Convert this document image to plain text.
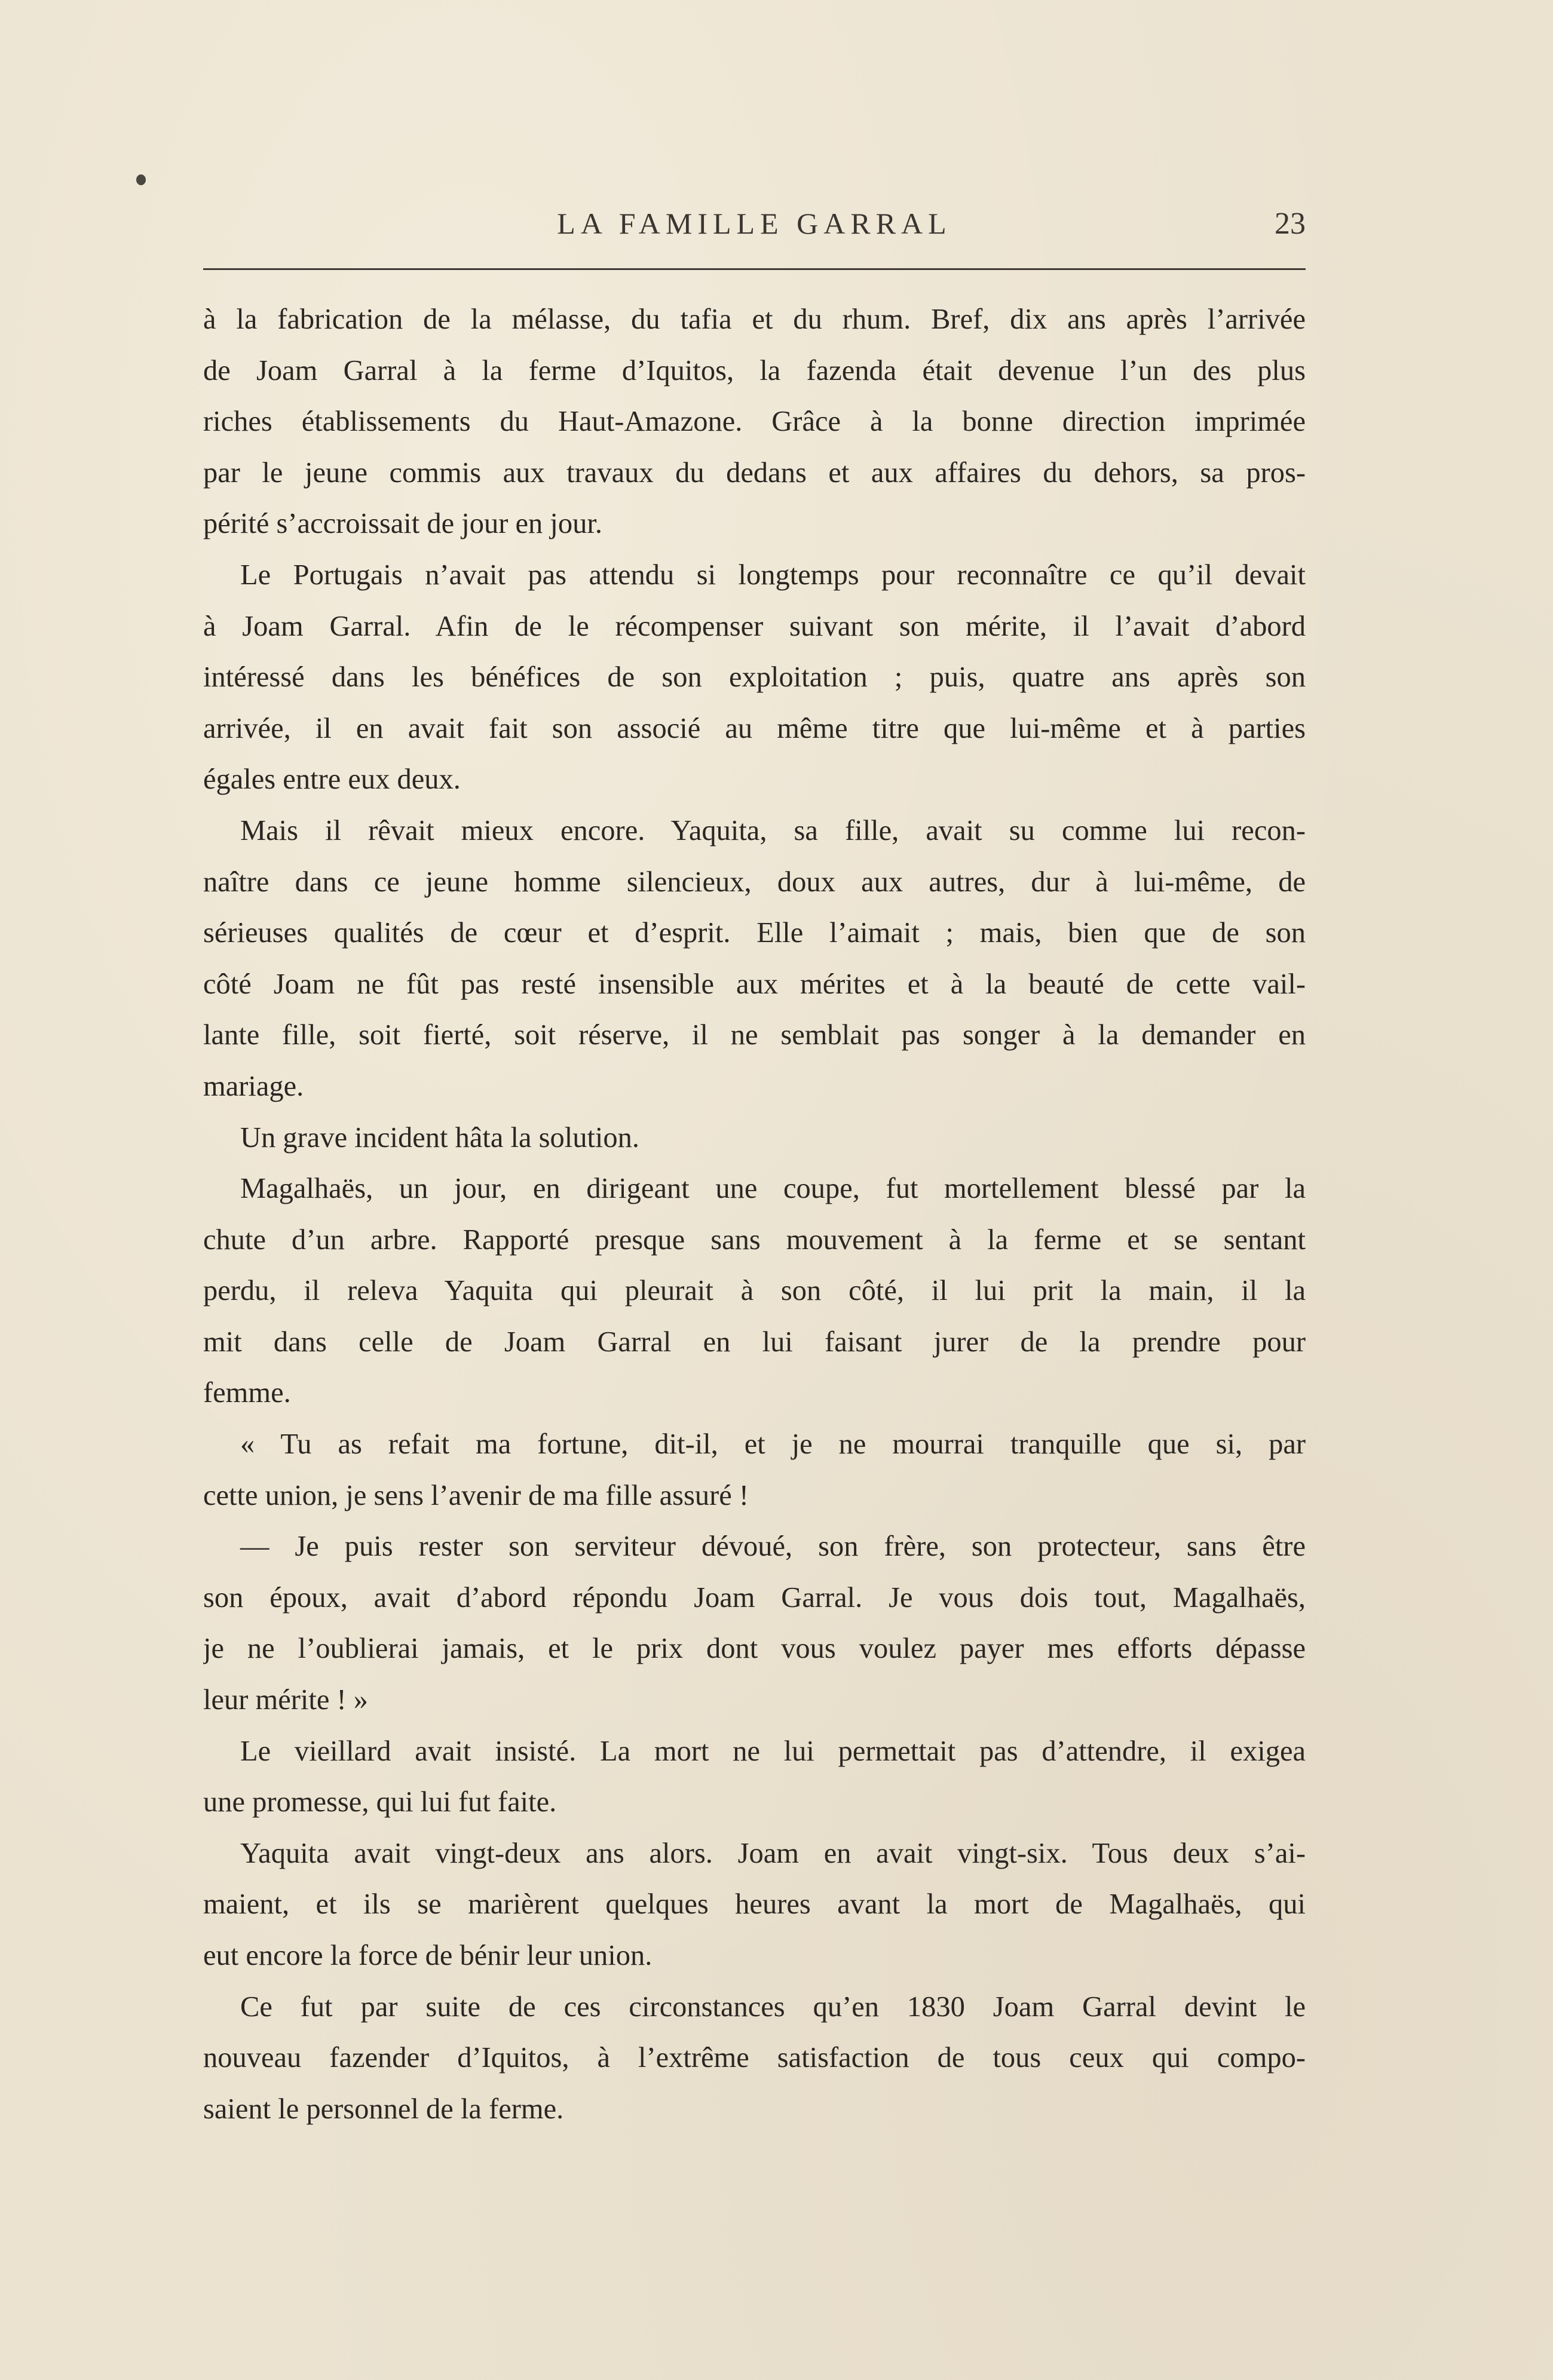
LA FAMILLE GARRAL	23
à la fabrication de la mélasse, du tafia et du rhum. Bref, dix ans après l’arrivée
de Joam Garral à la ferme d’Iquitos, la fazenda était devenue l’un des plus
riches établissements du Haut-Amazone. Grâce à la bonne direction imprimée
par le jeune commis aux travaux du dedans et aux affaires du dehors, sa pros-
périté s’accroissait de jour en jour.
Le Portugais n’avait pas attendu si longtemps pour reconnaître ce qu’il devait
à Joam Garral. Afin de le récompenser suivant son mérite, il l’avait d’abord
intéressé dans les bénéfices de son exploitation ; puis, quatre ans après son
arrivée, il en avait fait son associé au même titre que lui-même et à parties
égales entre eux deux.
Mais il rêvait mieux encore. Yaquita, sa fille, avait su comme lui recon-
naître dans ce jeune homme silencieux, doux aux autres, dur à lui-même, de
sérieuses qualités de cœur et d’esprit. Elle l’aimait ; mais, bien que de son
côté Joam ne fût pas resté insensible aux mérites et à la beauté de cette vail-
lante fille, soit fierté, soit réserve, il ne semblait pas songer à la demander en
mariage.
Un grave incident hâta la solution.
Magalhaës, un jour, en dirigeant une coupe, fut mortellement blessé par la
chute d’un arbre. Rapporté presque sans mouvement à la ferme et se sentant
perdu, il releva Yaquita qui pleurait à son côté, il lui prit la main, il la
mit dans celle de Joam Garral en lui faisant jurer de la prendre pour
femme.
« Tu as refait ma fortune, dit-il, et je ne mourrai tranquille que si, par
cette union, je sens l’avenir de ma fille assuré !
— Je puis rester son serviteur dévoué, son frère, son protecteur, sans être
son époux, avait d’abord répondu Joam Garral. Je vous dois tout, Magalhaës,
je ne l’oublierai jamais, et le prix dont vous voulez payer mes efforts dépasse
leur mérite ! »
Le vieillard avait insisté. La mort ne lui permettait pas d’attendre, il exigea
une promesse, qui lui fut faite.
Yaquita avait vingt-deux ans alors. Joam en avait vingt-six. Tous deux s’ai-
maient, et ils se marièrent quelques heures avant la mort de Magalhaës, qui
eut encore la force de bénir leur union.
Ce fut par suite de ces circonstances qu’en 1830 Joam Garral devint le
nouveau fazender d’Iquitos, à l’extrême satisfaction de tous ceux qui compo-
saient le personnel de la ferme.
